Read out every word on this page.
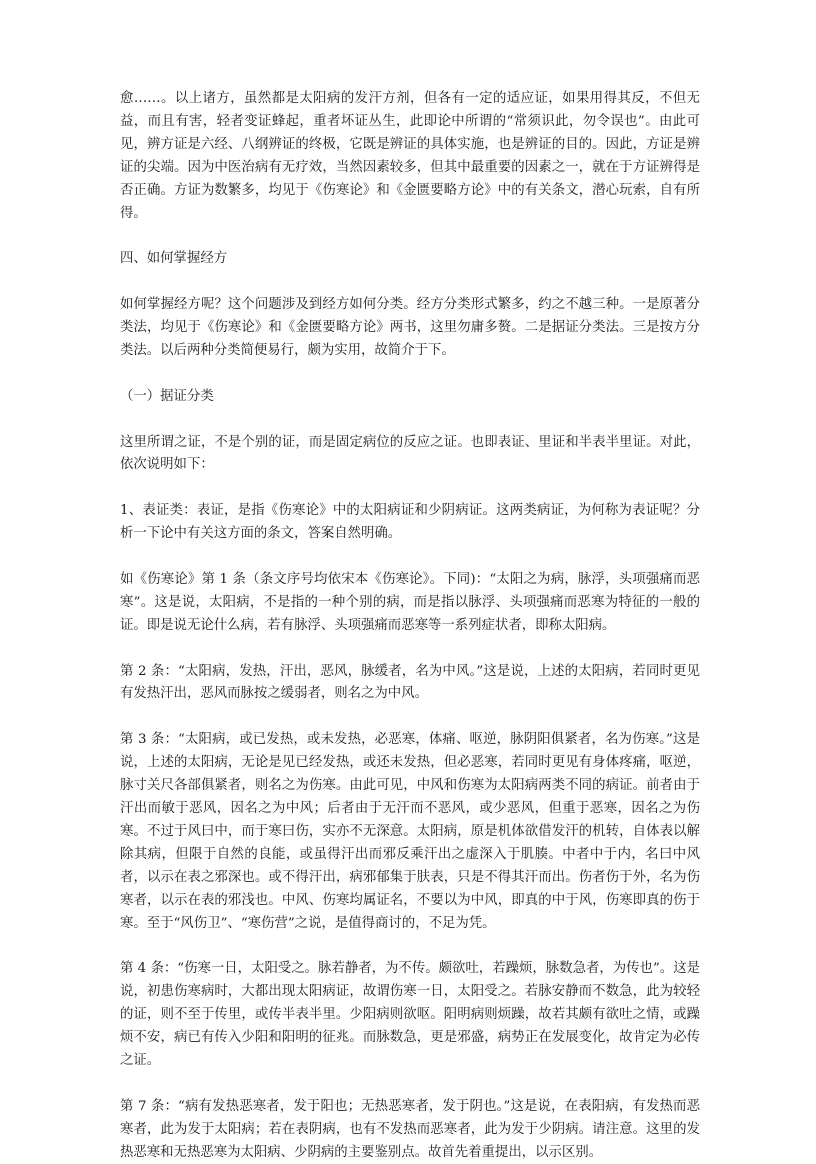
愈……。以上诸方，虽然都是太阳病的发汗方剂，但各有一定的适应证，如果用得其反，不但无益，而且有害，轻者变证蜂起，重者坏证丛生，此即论中所谓的“常须识此，勿令误也”。由此可见，辨方证是六经、八纲辨证的终极，它既是辨证的具体实施，也是辨证的目的。因此，方证是辨证的尖端。因为中医治病有无疗效，当然因素较多，但其中最重要的因素之一，就在于方证辨得是否正确。方证为数繁多，均见于《伤寒论》和《金匮要略方论》中的有关条文，潜心玩索，自有所得。

四、如何掌握经方

如何掌握经方呢？这个问题涉及到经方如何分类。经方分类形式繁多，约之不越三种。一是原著分类法，均见于《伤寒论》和《金匮要略方论》两书，这里勿庸多赘。二是据证分类法。三是按方分类法。以后两种分类简便易行，颇为实用，故简介于下。

（一）据证分类

这里所谓之证，不是个别的证，而是固定病位的反应之证。也即表证、里证和半表半里证。对此，依次说明如下：

1、表证类：表证，是指《伤寒论》中的太阳病证和少阴病证。这两类病证，为何称为表证呢？分析一下论中有关这方面的条文，答案自然明确。

如《伤寒论》第 1 条（条文序号均依宋本《伤寒论》。下同)：“太阳之为病，脉浮，头项强痛而恶寒”。这是说，太阳病，不是指的一种个别的病，而是指以脉浮、头项强痛而恶寒为特征的一般的证。即是说无论什么病，若有脉浮、头项强痛而恶寒等一系列症状者，即称太阳病。

第 2 条：“太阳病，发热，汗出，恶风，脉缓者，名为中风。”这是说，上述的太阳病，若同时更见有发热汗出，恶风而脉按之缓弱者，则名之为中风。

第 3 条：“太阳病，或已发热，或未发热，必恶寒，体痛、呕逆，脉阴阳俱紧者，名为伤寒。”这是说，上述的太阳病，无论是见已经发热，或还未发热，但必恶寒，若同时更见有身体疼痛，呕逆，脉寸关尺各部俱紧者，则名之为伤寒。由此可见，中风和伤寒为太阳病两类不同的病证。前者由于汗出而敏于恶风，因名之为中风；后者由于无汗而不恶风，或少恶风，但重于恶寒，因名之为伤寒。不过于风曰中，而于寒曰伤，实亦不无深意。太阳病，原是机体欲借发汗的机转，自体表以解除其病，但限于自然的良能，或虽得汗出而邪反乘汗出之虚深入于肌腠。中者中于内，名曰中风者，以示在表之邪深也。或不得汗出，病邪郁集于肤表，只是不得其汗而出。伤者伤于外，名为伤寒者，以示在表的邪浅也。中风、伤寒均属证名，不要以为中风，即真的中于风，伤寒即真的伤于寒。至于“风伤卫”、“寒伤营”之说，是值得商讨的，不足为凭。

第 4 条：“伤寒一日，太阳受之。脉若静者，为不传。颇欲吐，若躁烦，脉数急者，为传也”。这是说，初患伤寒病时，大都出现太阳病证，故谓伤寒一日，太阳受之。若脉安静而不数急，此为较轻的证，则不至于传里，或传半表半里。少阳病则欲呕。阳明病则烦躁，故若其颇有欲吐之情，或躁烦不安，病已有传入少阳和阳明的征兆。而脉数急，更是邪盛，病势正在发展变化，故肯定为必传之证。

第 7 条：“病有发热恶寒者，发于阳也；无热恶寒者，发于阴也。”这是说，在表阳病，有发热而恶寒者，此为发于太阳病；若在表阴病，也有不发热而恶寒者，此为发于少阴病。请注意。这里的发热恶寒和无热恶寒为太阳病、少阴病的主要鉴别点。故首先着重提出，以示区别。
